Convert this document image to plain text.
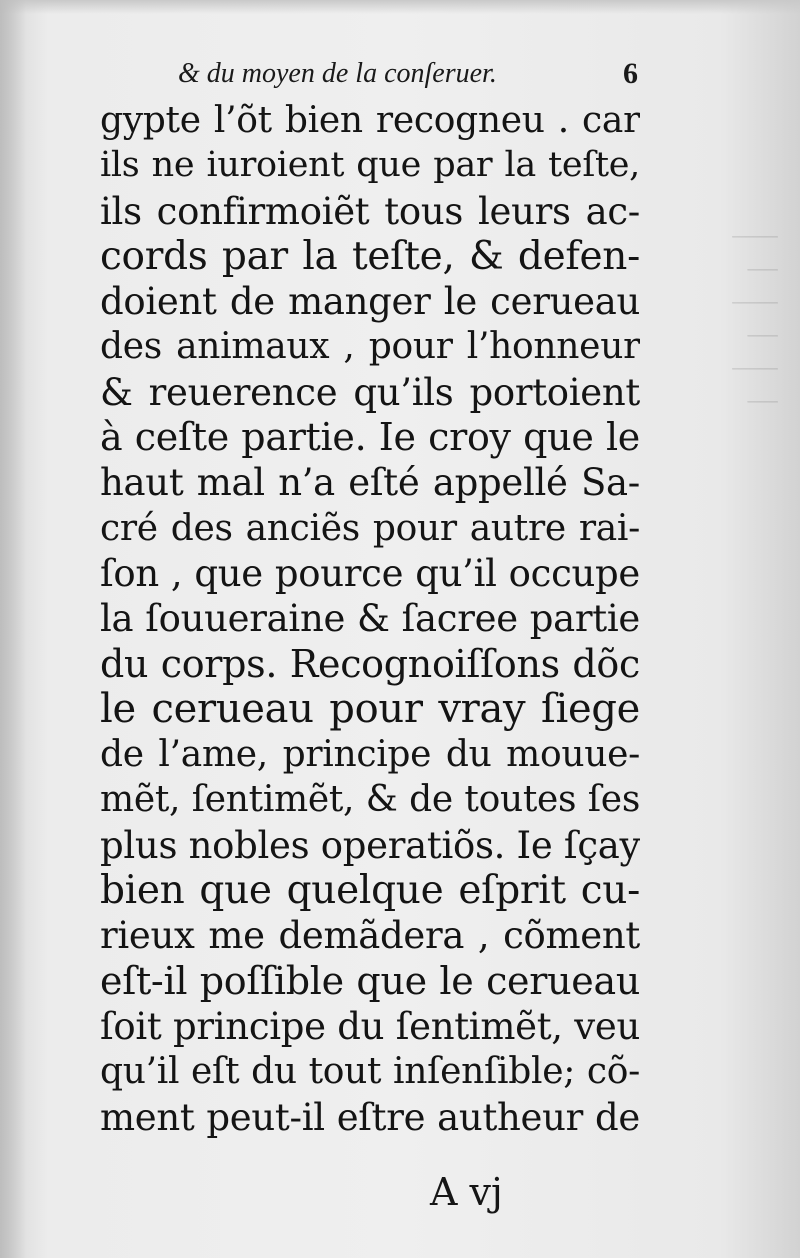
⸻
⸺
⸻
⸺
⸻
⸺
& du moyen de la conſeruer.	6
gypte l’õt bien recogneu . car
ils ne iuroient que par la teſte,
ils confirmoiẽt tous leurs ac-
cords par la teſte, & defen-
doient de manger le cerueau
des animaux , pour l’honneur
& reuerence qu’ils portoient
à ceſte partie. Ie croy que le
haut mal n’a eſté appellé Sa-
cré des anciẽs pour autre rai-
ſon , que pource qu’il occupe
la ſouueraine & ſacree partie
du corps. Recognoiſſons dõc
le cerueau pour vray ſiege
de l’ame, principe du mouue-
mẽt, ſentimẽt, & de toutes ſes
plus nobles operatiõs. Ie ſçay
bien que quelque eſprit cu-
rieux me demãdera , cõment
eſt-il poſſible que le cerueau
ſoit principe du ſentimẽt, veu
qu’il eſt du tout inſenſible; cõ-
ment peut-il eſtre autheur de
A vj
